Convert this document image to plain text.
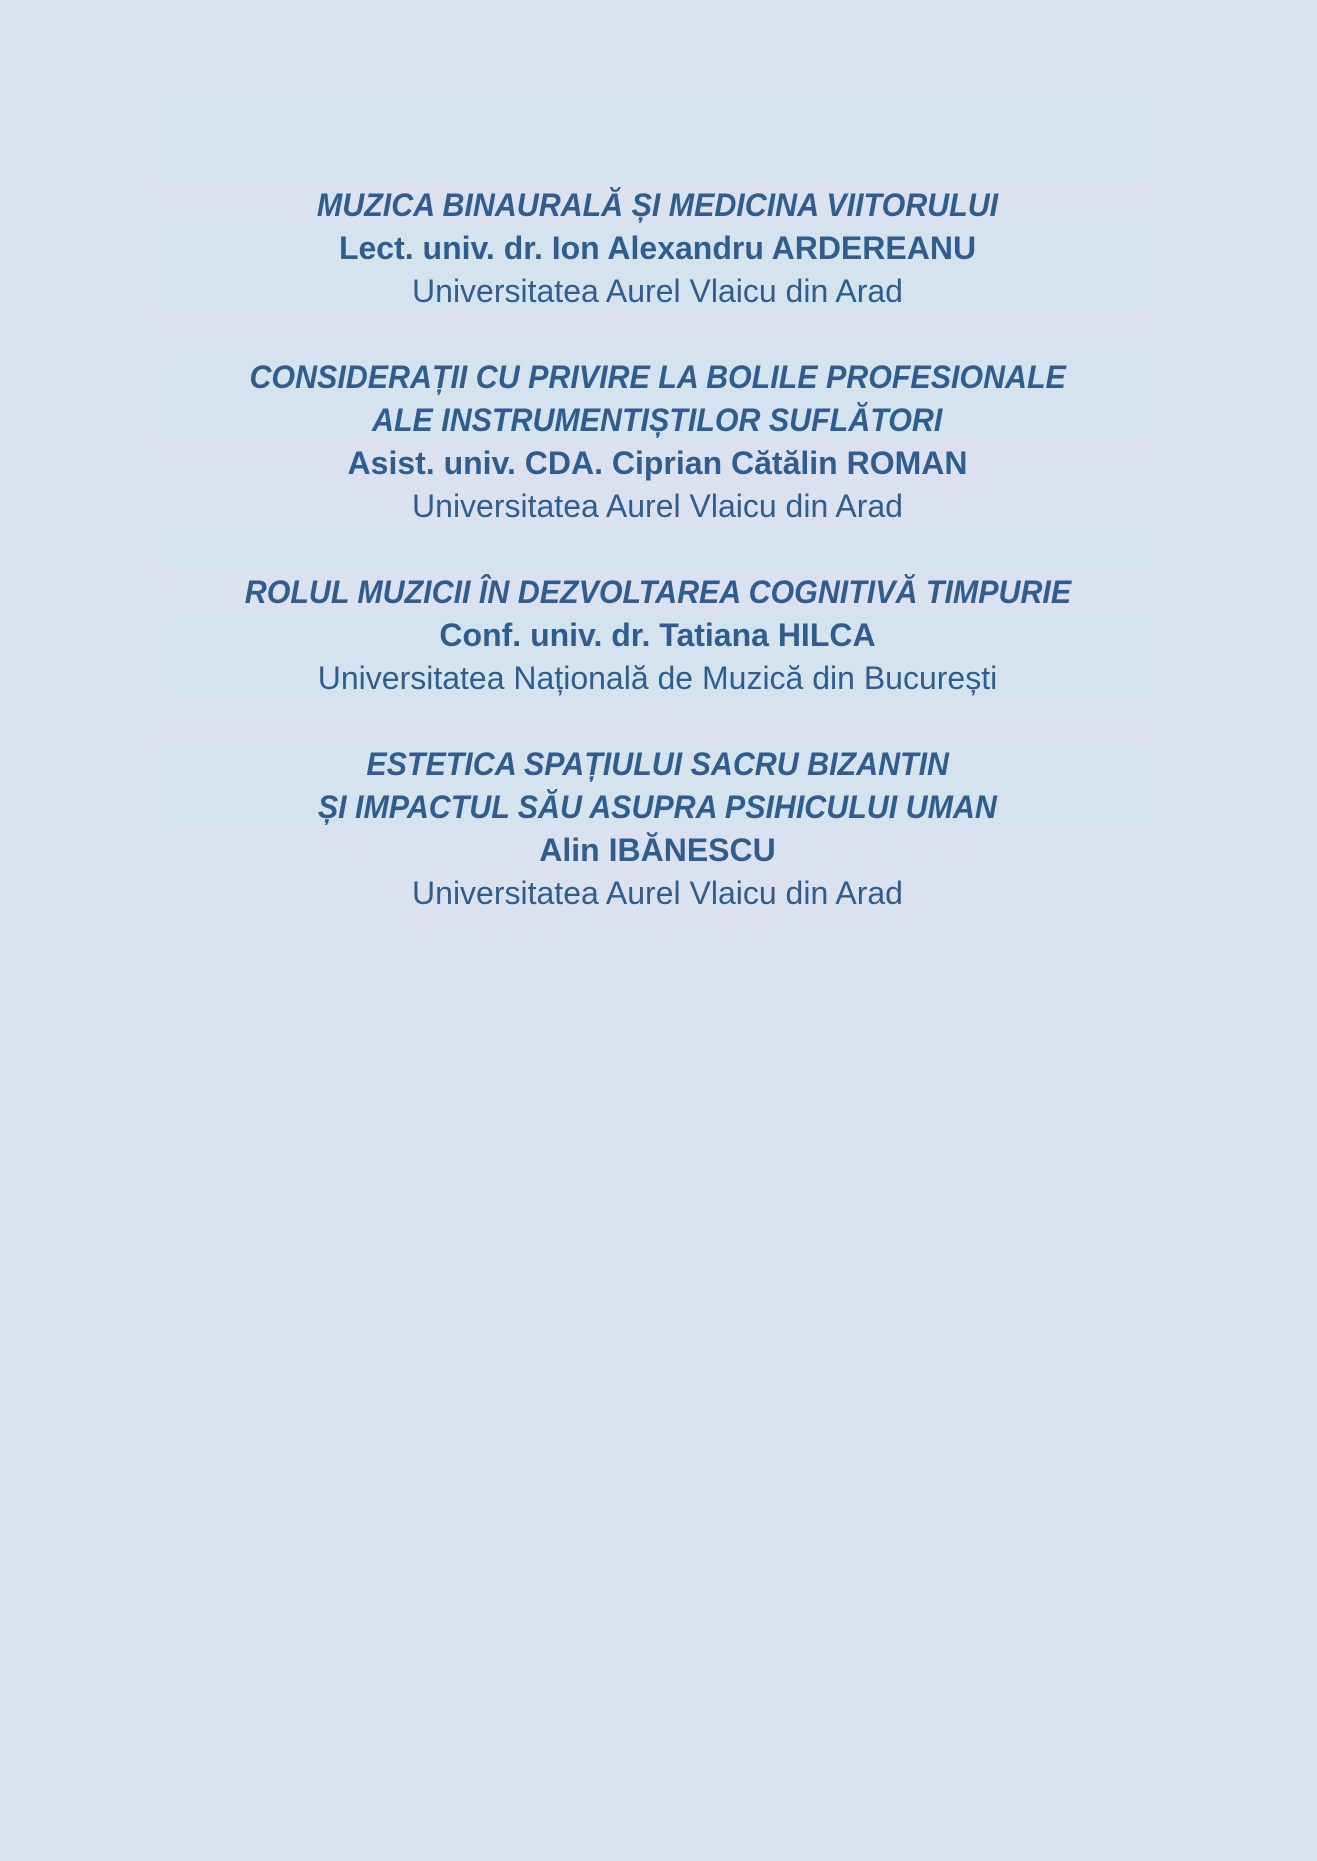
MUZICA BINAURALĂ ȘI MEDICINA VIITORULUI
Lect. univ. dr. Ion Alexandru ARDEREANU
Universitatea Aurel Vlaicu din Arad
CONSIDERAȚII CU PRIVIRE LA BOLILE PROFESIONALE
ALE INSTRUMENTIȘTILOR SUFLĂTORI
Asist. univ. CDA. Ciprian Cătălin ROMAN
Universitatea Aurel Vlaicu din Arad
ROLUL MUZICII ÎN DEZVOLTAREA COGNITIVĂ TIMPURIE
Conf. univ. dr. Tatiana HILCA
Universitatea Națională de Muzică din București
ESTETICA SPAȚIULUI SACRU BIZANTIN
ȘI IMPACTUL SĂU ASUPRA PSIHICULUI UMAN
Alin IBĂNESCU
Universitatea Aurel Vlaicu din Arad
